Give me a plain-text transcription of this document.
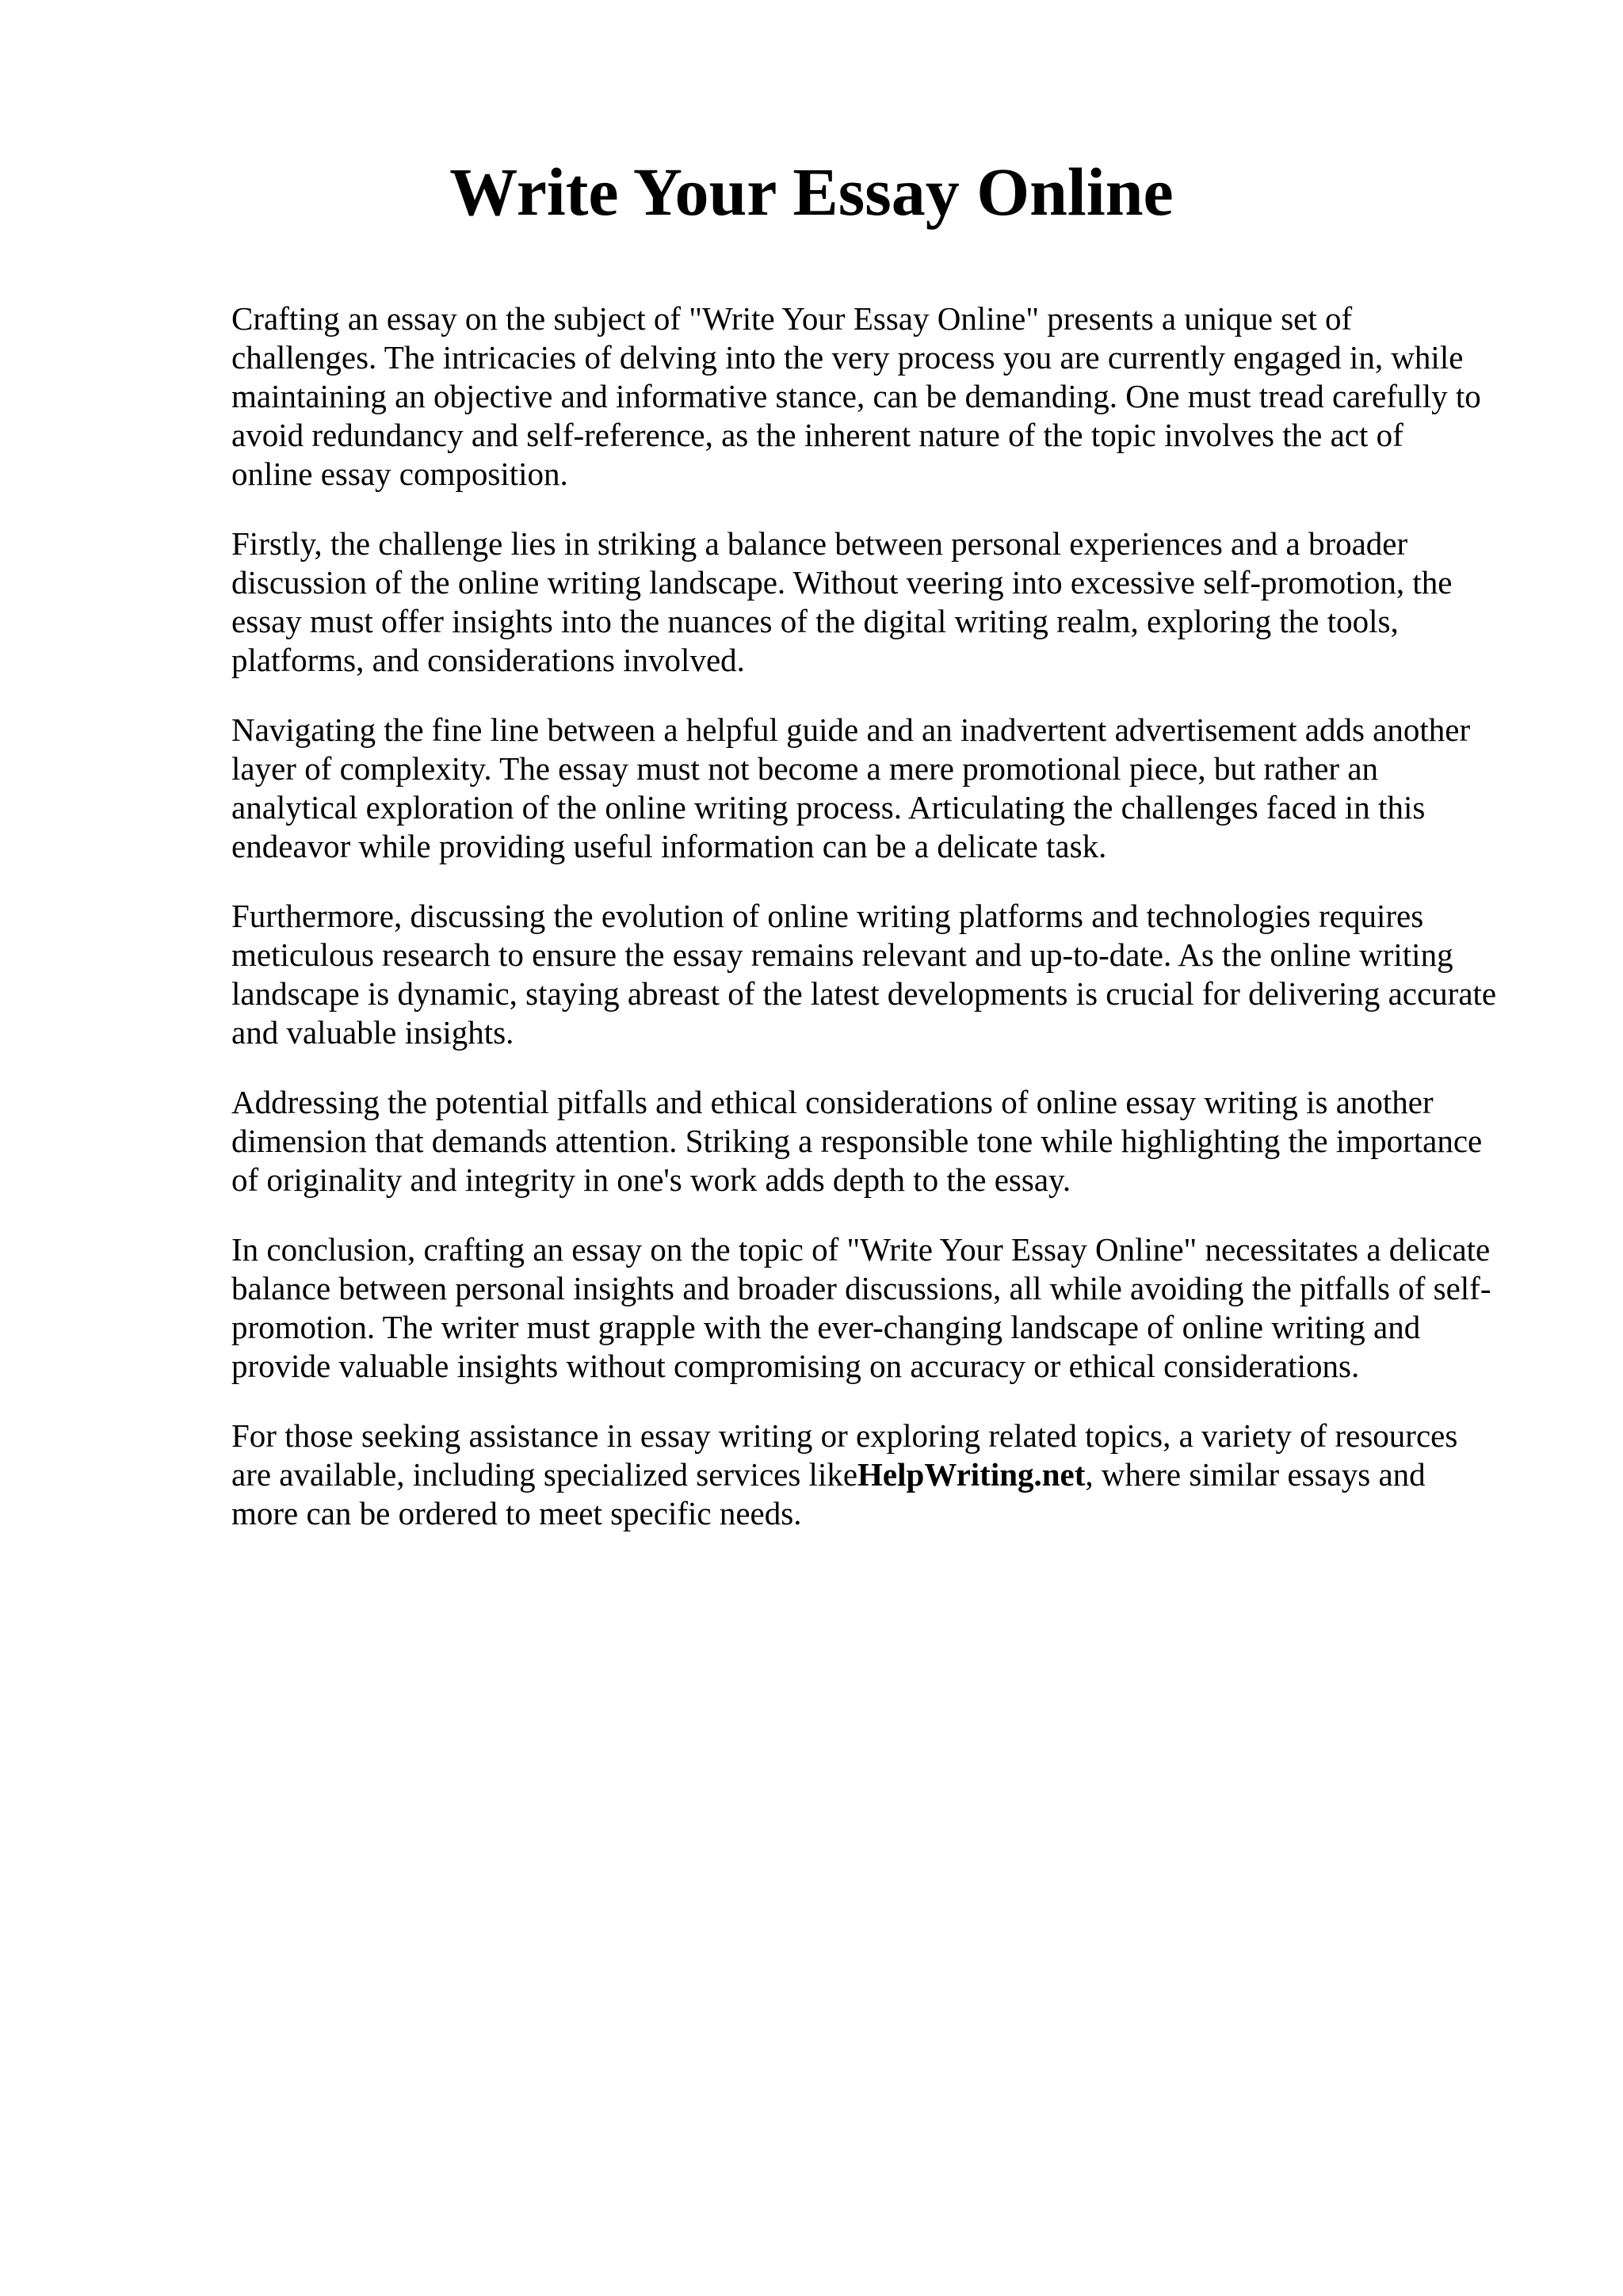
Write Your Essay Online

Crafting an essay on the subject of "Write Your Essay Online" presents a unique set of
challenges. The intricacies of delving into the very process you are currently engaged in, while
maintaining an objective and informative stance, can be demanding. One must tread carefully to
avoid redundancy and self-reference, as the inherent nature of the topic involves the act of
online essay composition.

Firstly, the challenge lies in striking a balance between personal experiences and a broader
discussion of the online writing landscape. Without veering into excessive self-promotion, the
essay must offer insights into the nuances of the digital writing realm, exploring the tools,
platforms, and considerations involved.

Navigating the fine line between a helpful guide and an inadvertent advertisement adds another
layer of complexity. The essay must not become a mere promotional piece, but rather an
analytical exploration of the online writing process. Articulating the challenges faced in this
endeavor while providing useful information can be a delicate task.

Furthermore, discussing the evolution of online writing platforms and technologies requires
meticulous research to ensure the essay remains relevant and up-to-date. As the online writing
landscape is dynamic, staying abreast of the latest developments is crucial for delivering accurate
and valuable insights.

Addressing the potential pitfalls and ethical considerations of online essay writing is another
dimension that demands attention. Striking a responsible tone while highlighting the importance
of originality and integrity in one's work adds depth to the essay.

In conclusion, crafting an essay on the topic of "Write Your Essay Online" necessitates a delicate
balance between personal insights and broader discussions, all while avoiding the pitfalls of self-
promotion. The writer must grapple with the ever-changing landscape of online writing and
provide valuable insights without compromising on accuracy or ethical considerations.

For those seeking assistance in essay writing or exploring related topics, a variety of resources
are available, including specialized services likeHelpWriting.net, where similar essays and
more can be ordered to meet specific needs.
